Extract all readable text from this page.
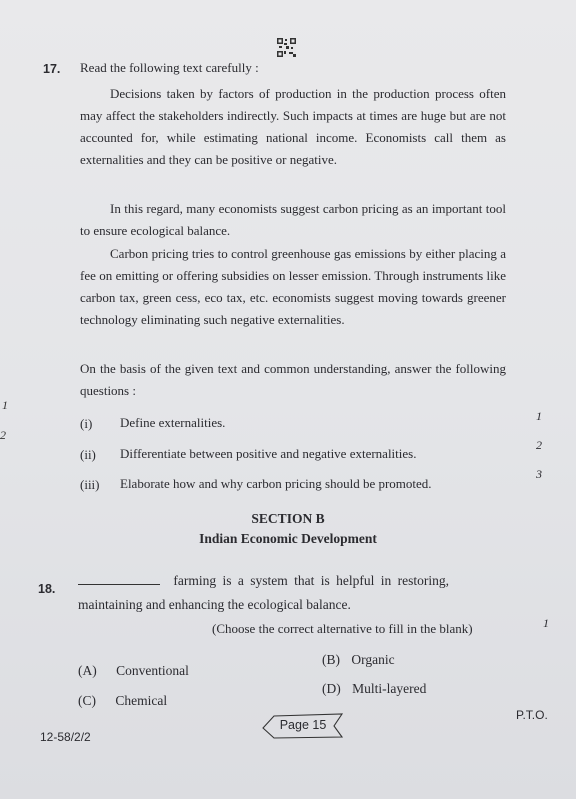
1
2
17. Read the following text carefully :

Decisions taken by factors of production in the production process often may affect the stakeholders indirectly. Such impacts at times are huge but are not accounted for, while estimating national income. Economists call them as externalities and they can be positive or negative.

In this regard, many economists suggest carbon pricing as an important tool to ensure ecological balance.

Carbon pricing tries to control greenhouse gas emissions by either placing a fee on emitting or offering subsidies on lesser emission. Through instruments like carbon tax, green cess, eco tax, etc. economists suggest moving towards greener technology eliminating such negative externalities.

On the basis of the given text and common understanding, answer the following questions :

(i) Define externalities.	1
(ii) Differentiate between positive and negative externalities.
2
(iii) Elaborate how and why carbon pricing should be promoted.
3
SECTION B
Indian Economic Development
18.
farming is a system that is helpful in restoring,
maintaining and enhancing the ecological balance.
(Choose the correct alternative to fill in the blank)	1
(A) Conventional
(B) Organic
(C) Chemical
(D) Multi-layered
P.T.O.
12-58/2/2
Page 15
